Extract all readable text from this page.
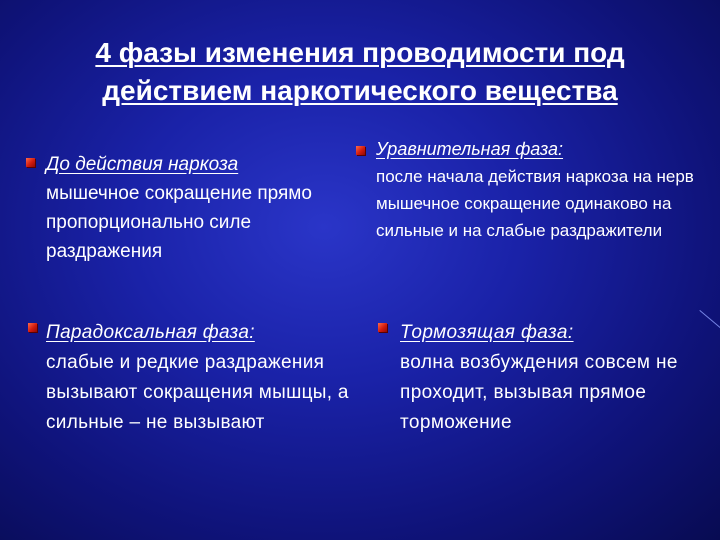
4 фазы изменения проводимости под действием наркотического вещества
До действия наркоза
мышечное сокращение прямо пропорционально силе раздражения
Уравнительная фаза:
после начала действия наркоза на нерв мышечное сокращение одинаково на сильные и на слабые раздражители
Парадоксальная фаза:
слабые и редкие раздражения вызывают сокращения мышцы, а сильные – не вызывают
Тормозящая фаза:
волна возбуждения совсем не проходит, вызывая прямое торможение
